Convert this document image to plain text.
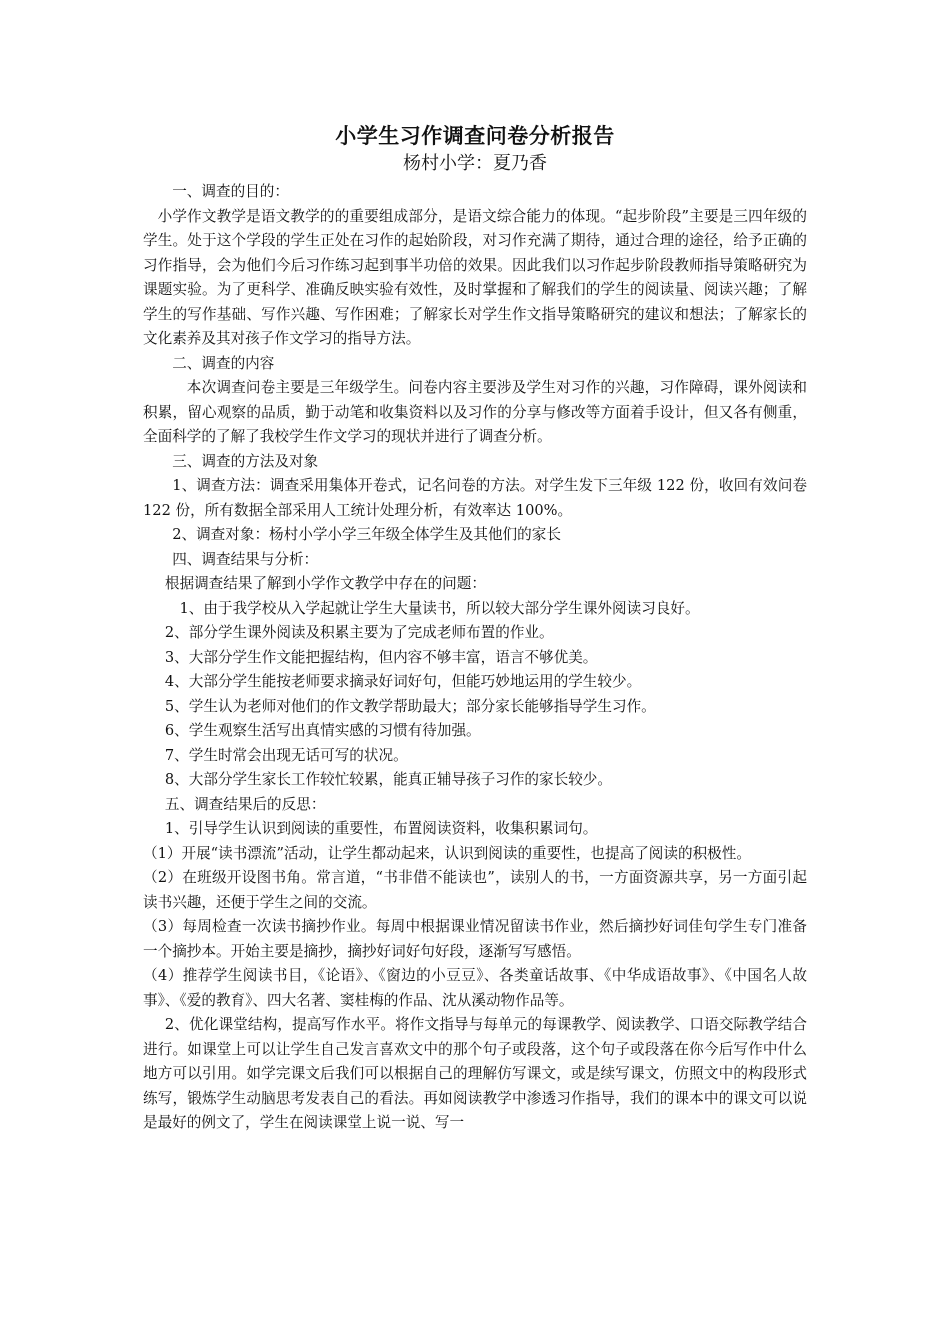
小学生习作调查问卷分析报告
杨村小学：夏乃香

一、调查的目的：

小学作文教学是语文教学的的重要组成部分，是语文综合能力的体现。“起步阶段”主要是三四年级的学生。处于这个学段的学生正处在习作的起始阶段，对习作充满了期待，通过合理的途径，给予正确的习作指导，会为他们今后习作练习起到事半功倍的效果。因此我们以习作起步阶段教师指导策略研究为课题实验。为了更科学、准确反映实验有效性，及时掌握和了解我们的学生的阅读量、阅读兴趣；了解学生的写作基础、写作兴趣、写作困难；了解家长对学生作文指导策略研究的建议和想法；了解家长的文化素养及其对孩子作文学习的指导方法。

二、调查的内容

本次调查问卷主要是三年级学生。问卷内容主要涉及学生对习作的兴趣，习作障碍，课外阅读和积累，留心观察的品质，勤于动笔和收集资料以及习作的分享与修改等方面着手设计，但又各有侧重，全面科学的了解了我校学生作文学习的现状并进行了调查分析。

三、调查的方法及对象

1、调查方法：调查采用集体开卷式，记名问卷的方法。对学生发下三年级 122 份，收回有效问卷 122 份，所有数据全部采用人工统计处理分析，有效率达 100%。

2、调查对象：杨村小学小学三年级全体学生及其他们的家长

四、调查结果与分析：

根据调查结果了解到小学作文教学中存在的问题：

1、由于我学校从入学起就让学生大量读书，所以较大部分学生课外阅读习良好。

2、部分学生课外阅读及积累主要为了完成老师布置的作业。

3、大部分学生作文能把握结构，但内容不够丰富，语言不够优美。

4、大部分学生能按老师要求摘录好词好句，但能巧妙地运用的学生较少。

5、学生认为老师对他们的作文教学帮助最大；部分家长能够指导学生习作。

6、学生观察生活写出真情实感的习惯有待加强。

7、学生时常会出现无话可写的状况。

8、大部分学生家长工作较忙较累，能真正辅导孩子习作的家长较少。

五、调查结果后的反思：

1、引导学生认识到阅读的重要性，布置阅读资料，收集积累词句。

（1）开展“读书漂流”活动，让学生都动起来，认识到阅读的重要性，也提高了阅读的积极性。

（2）在班级开设图书角。常言道，“书非借不能读也”，读别人的书，一方面资源共享，另一方面引起读书兴趣，还便于学生之间的交流。

（3）每周检查一次读书摘抄作业。每周中根据课业情况留读书作业，然后摘抄好词佳句学生专门准备一个摘抄本。开始主要是摘抄，摘抄好词好句好段，逐渐写写感悟。

（4）推荐学生阅读书目，《论语》、《窗边的小豆豆》、各类童话故事、《中华成语故事》、《中国名人故事》、《爱的教育》、四大名著、窦桂梅的作品、沈从溪动物作品等。

2、优化课堂结构，提高写作水平。将作文指导与每单元的每课教学、阅读教学、口语交际教学结合进行。如课堂上可以让学生自己发言喜欢文中的那个句子或段落，这个句子或段落在你今后写作中什么地方可以引用。如学完课文后我们可以根据自己的理解仿写课文，或是续写课文，仿照文中的构段形式练写，锻炼学生动脑思考发表自己的看法。再如阅读教学中渗透习作指导，我们的课本中的课文可以说是最好的例文了，学生在阅读课堂上说一说、写一
